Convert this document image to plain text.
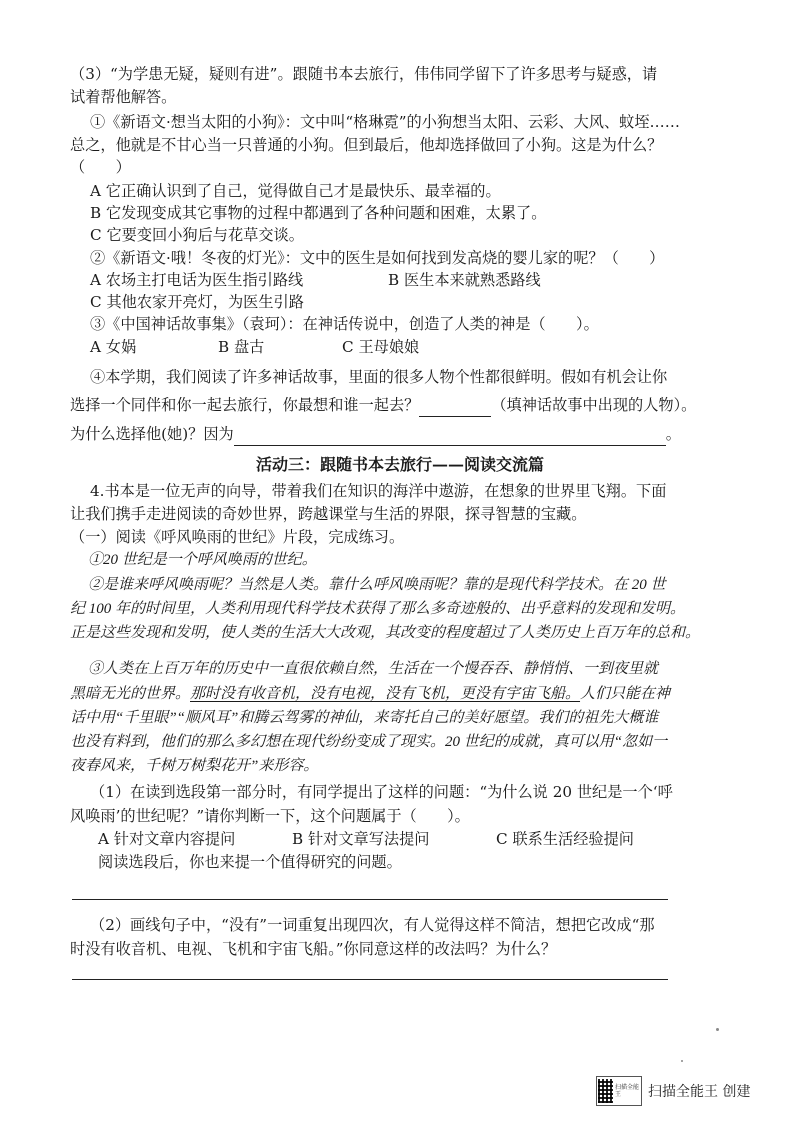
（3）“为学患无疑，疑则有进”。跟随书本去旅行，伟伟同学留下了许多思考与疑惑，请
试着帮他解答。
①《新语文·想当太阳的小狗》：文中叫“格琳霓”的小狗想当太阳、云彩、大风、蚊垤……
总之，他就是不甘心当一只普通的小狗。但到最后，他却选择做回了小狗。这是为什么？
（　　）
A 它正确认识到了自己，觉得做自己才是最快乐、最幸福的。
B 它发现变成其它事物的过程中都遇到了各种问题和困难，太累了。
C 它要变回小狗后与花草交谈。
②《新语文·哦！冬夜的灯光》：文中的医生是如何找到发高烧的婴儿家的呢？（　　）
A 农场主打电话为医生指引路线	B 医生本来就熟悉路线
C 其他农家开亮灯，为医生引路
③《中国神话故事集》（袁珂）：在神话传说中，创造了人类的神是（　　）。
A 女娲	B 盘古	C 王母娘娘
④本学期，我们阅读了许多神话故事，里面的很多人物个性都很鲜明。假如有机会让你
选择一个同伴和你一起去旅行，你最想和谁一起去？	（填神话故事中出现的人物）。
为什么选择他(她)？因为	。
活动三：跟随书本去旅行——阅读交流篇
4.书本是一位无声的向导，带着我们在知识的海洋中遨游，在想象的世界里飞翔。下面
让我们携手走进阅读的奇妙世界，跨越课堂与生活的界限，探寻智慧的宝藏。
（一）阅读《呼风唤雨的世纪》片段，完成练习。
①20 世纪是一个呼风唤雨的世纪。
②是谁来呼风唤雨呢？当然是人类。靠什么呼风唤雨呢？靠的是现代科学技术。在 20 世
纪 100 年的时间里，人类利用现代科学技术获得了那么多奇迹般的、出乎意料的发现和发明。
正是这些发现和发明，使人类的生活大大改观，其改变的程度超过了人类历史上百万年的总和。
③人类在上百万年的历史中一直很依赖自然，生活在一个慢吞吞、静悄悄、一到夜里就
黑暗无光的世界。那时没有收音机，没有电视，没有飞机，更没有宇宙飞船。人们只能在神
话中用“千里眼”“顺风耳”和腾云驾雾的神仙，来寄托自己的美好愿望。我们的祖先大概谁
也没有料到，他们的那么多幻想在现代纷纷变成了现实。20 世纪的成就，真可以用“忽如一
夜春风来，千树万树梨花开”来形容。
（1）在读到选段第一部分时，有同学提出了这样的问题：“为什么说 20 世纪是一个‘呼
风唤雨’的世纪呢？”请你判断一下，这个问题属于（　　）。
A 针对文章内容提问	B 针对文章写法提问	C 联系生活经验提问
阅读选段后，你也来提一个值得研究的问题。
（2）画线句子中，“没有”一词重复出现四次，有人觉得这样不简洁，想把它改成“那
时没有收音机、电视、飞机和宇宙飞船。”你同意这样的改法吗？为什么？
扫描全能王	扫描全能王 创建
